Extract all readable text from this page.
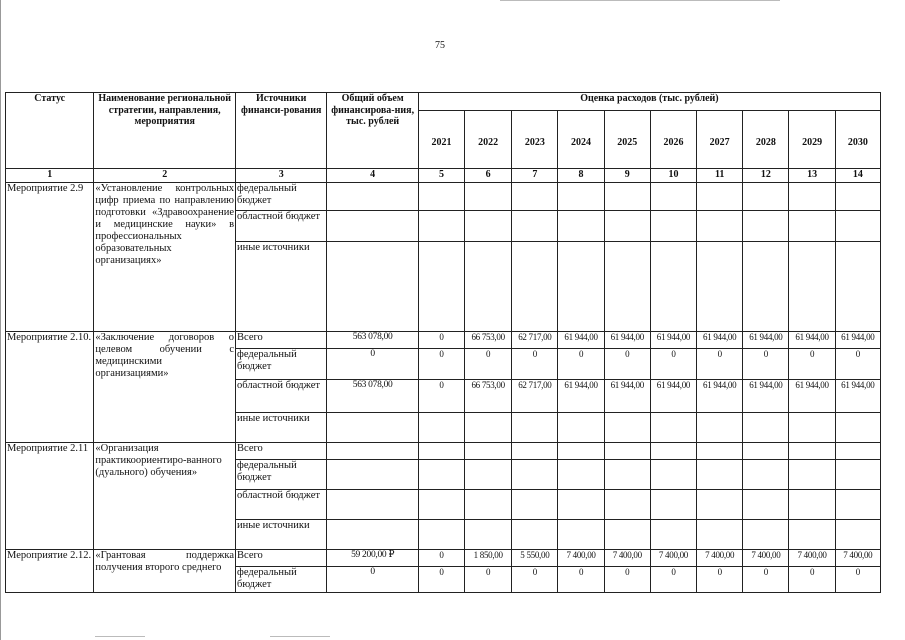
75
Статус	Наименование региональной стратегии, направления, мероприятия	Источники финанси-рования	Общий объем финансирова-ния, тыс. рублей	Оценка расходов (тыс. рублей)									
				2021	2022	2023	2024	2025	2026	2027	2028	2029	2030
1	2	3	4	5	6	7	8	9	10	11	12	13	14
Мероприятие 2.9	«Установление контрольных цифр приема по направлению подготовки «Здравоохранение и медицинские науки» в профессиональных образовательных организациях»	федеральный бюджет											
		областной бюджет											
		иные источники											
Мероприятие 2.10.	«Заключение договоров о целевом обучении с медицинскими организациями»	Всего	563 078,00	0	66 753,00	62 717,00	61 944,00	61 944,00	61 944,00	61 944,00	61 944,00	61 944,00	61 944,00
		федеральный бюджет	0	0	0	0	0	0	0	0	0	0	0
		областной бюджет	563 078,00	0	66 753,00	62 717,00	61 944,00	61 944,00	61 944,00	61 944,00	61 944,00	61 944,00	61 944,00
		иные источники											
Мероприятие 2.11	«Организация практикоориентиро-ванного (дуального) обучения»	Всего											
		федеральный бюджет											
		областной бюджет											
		иные источники											
Мероприятие 2.12.	«Грантовая поддержка получения второго среднего	Всего	59 200,00 ₽	0	1 850,00	5 550,00	7 400,00	7 400,00	7 400,00	7 400,00	7 400,00	7 400,00	7 400,00
		федеральный бюджет	0	0	0	0	0	0	0	0	0	0	0
